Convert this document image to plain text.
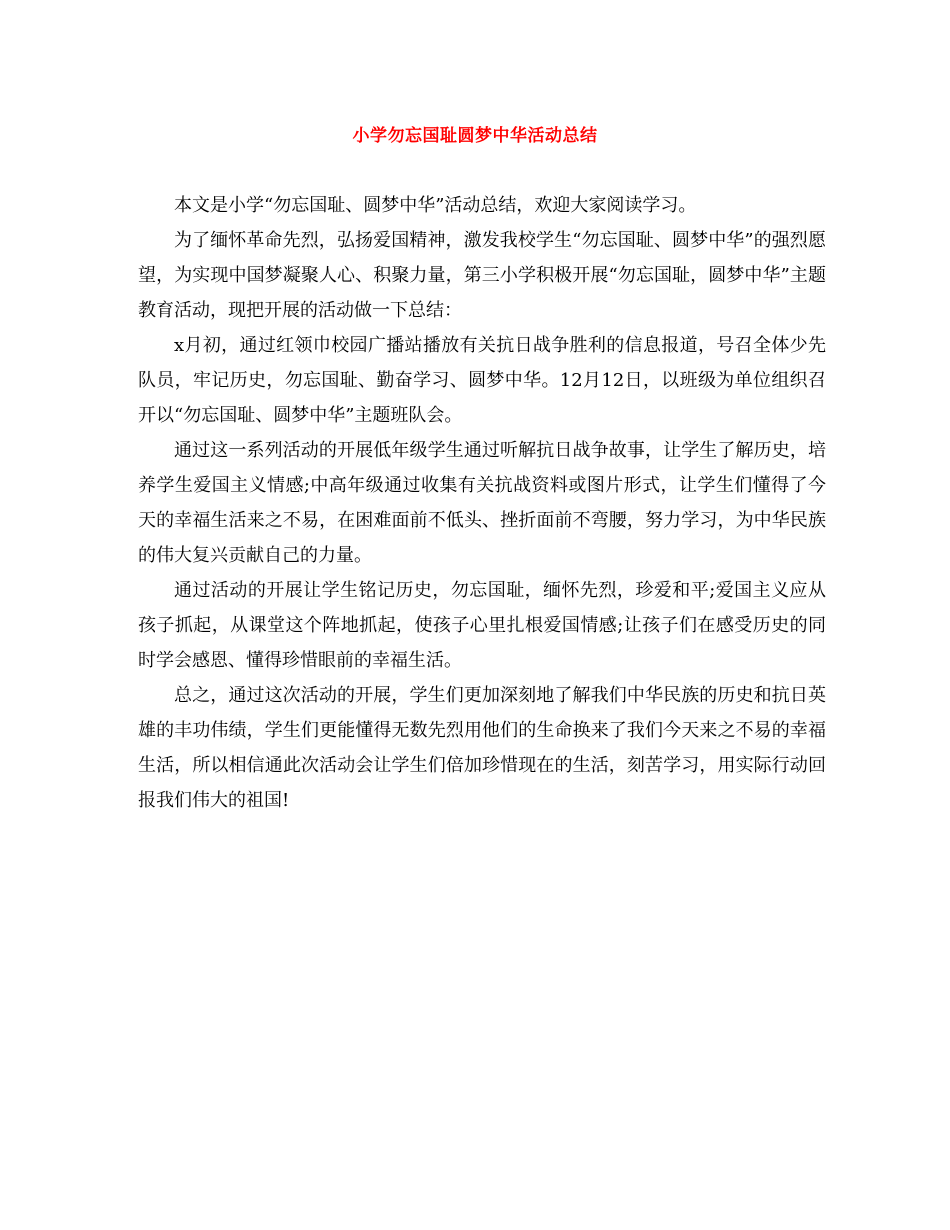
小学勿忘国耻圆梦中华活动总结

本文是小学“勿忘国耻、圆梦中华”活动总结，欢迎大家阅读学习。

为了缅怀革命先烈，弘扬爱国精神，激发我校学生“勿忘国耻、圆梦中华”的强烈愿望，为实现中国梦凝聚人心、积聚力量，第三小学积极开展“勿忘国耻，圆梦中华”主题教育活动，现把开展的活动做一下总结：

x月初，通过红领巾校园广播站播放有关抗日战争胜利的信息报道，号召全体少先队员，牢记历史，勿忘国耻、勤奋学习、圆梦中华。12月12日，以班级为单位组织召开以“勿忘国耻、圆梦中华”主题班队会。

通过这一系列活动的开展低年级学生通过听解抗日战争故事，让学生了解历史，培养学生爱国主义情感;中高年级通过收集有关抗战资料或图片形式，让学生们懂得了今天的幸福生活来之不易，在困难面前不低头、挫折面前不弯腰，努力学习，为中华民族的伟大复兴贡献自己的力量。

通过活动的开展让学生铭记历史，勿忘国耻，缅怀先烈，珍爱和平;爱国主义应从孩子抓起，从课堂这个阵地抓起，使孩子心里扎根爱国情感;让孩子们在感受历史的同时学会感恩、懂得珍惜眼前的幸福生活。

总之，通过这次活动的开展，学生们更加深刻地了解我们中华民族的历史和抗日英雄的丰功伟绩，学生们更能懂得无数先烈用他们的生命换来了我们今天来之不易的幸福生活，所以相信通此次活动会让学生们倍加珍惜现在的生活，刻苦学习，用实际行动回报我们伟大的祖国!
